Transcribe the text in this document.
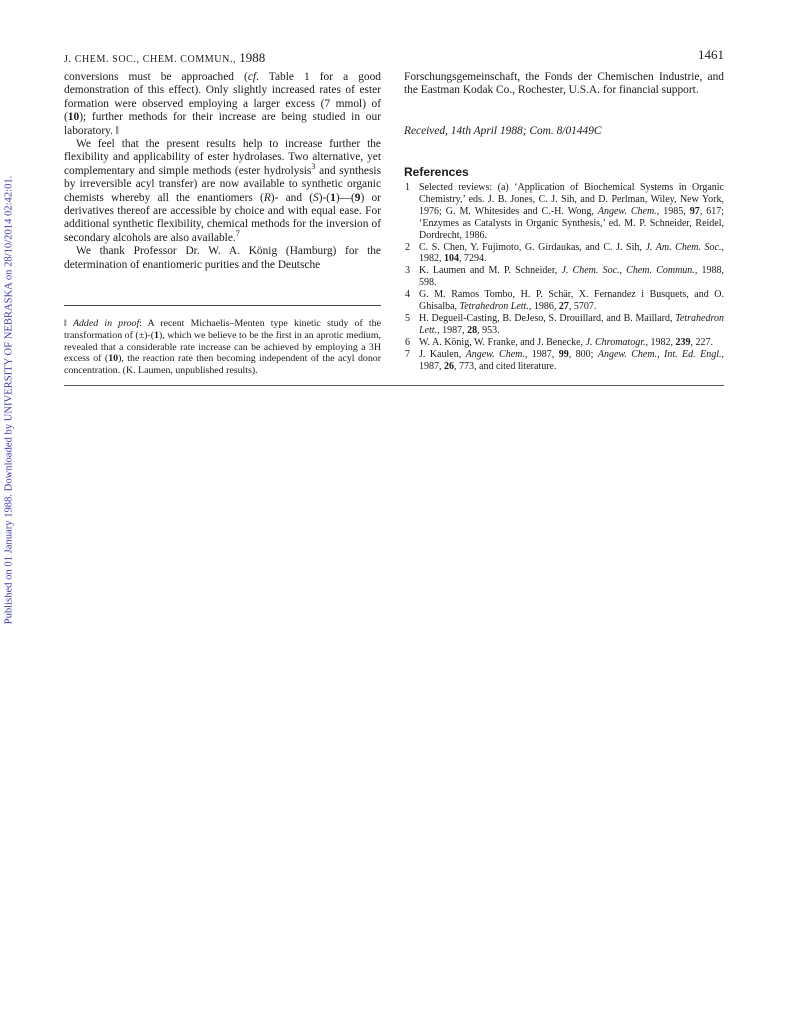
Published on 01 January 1988. Downloaded by UNIVERSITY OF NEBRASKA on 28/10/2014 02:42:01.
J. CHEM. SOC., CHEM. COMMUN., 1988	1461

conversions must be approached (cf. Table 1 for a good demonstration of this effect). Only slightly increased rates of ester formation were observed employing a larger excess (7 mmol) of (10); further methods for their increase are being studied in our laboratory. ‖

We feel that the present results help to increase further the flexibility and applicability of ester hydrolases. Two alternative, yet complementary and simple methods (ester hydrolysis$^3$ and synthesis by irreversible acyl transfer) are now available to synthetic organic chemists whereby all the enantiomers (R)- and (S)-(1)—(9) or derivatives thereof are accessible by choice and with equal ease. For additional synthetic flexibility, chemical methods for the inversion of secondary alcohols are also available.$^7$

We thank Professor Dr. W. A. König (Hamburg) for the determination of enantiomeric purities and the Deutsche

‖ Added in proof: A recent Michaelis–Menten type kinetic study of the transformation of (±)-(1), which we believe to be the first in an aprotic medium, revealed that a considerable rate increase can be achieved by employing a 3H excess of (10), the reaction rate then becoming independent of the acyl donor concentration. (K. Laumen, unpublished results).

Forschungsgemeinschaft, the Fonds der Chemischen Industrie, and the Eastman Kodak Co., Rochester, U.S.A. for financial support.

Received, 14th April 1988; Com. 8/01449C

References
1 Selected reviews: (a) ‘Application of Biochemical Systems in Organic Chemistry,’ eds. J. B. Jones, C. J. Sih, and D. Perlman, Wiley, New York, 1976; G. M. Whitesides and C.-H. Wong, Angew. Chem., 1985, 97, 617; ‘Enzymes as Catalysts in Organic Synthesis,’ ed. M. P. Schneider, Reidel, Dordrecht, 1986.
2 C. S. Chen, Y. Fujimoto, G. Girdaukas, and C. J. Sih, J. Am. Chem. Soc., 1982, 104, 7294.
3 K. Laumen and M. P. Schneider, J. Chem. Soc., Chem. Commun., 1988, 598.
4 G. M. Ramos Tombo, H. P. Schär, X. Fernandez i Busquets, and O. Ghisalba, Tetrahedron Lett., 1986, 27, 5707.
5 H. Degueil-Casting, B. DeJeso, S. Drouillard, and B. Maillard, Tetrahedron Lett., 1987, 28, 953.
6 W. A. König, W. Franke, and J. Benecke, J. Chromatogr., 1982, 239, 227.
7 J. Kaulen, Angew. Chem., 1987, 99, 800; Angew. Chem., Int. Ed. Engl., 1987, 26, 773, and cited literature.
